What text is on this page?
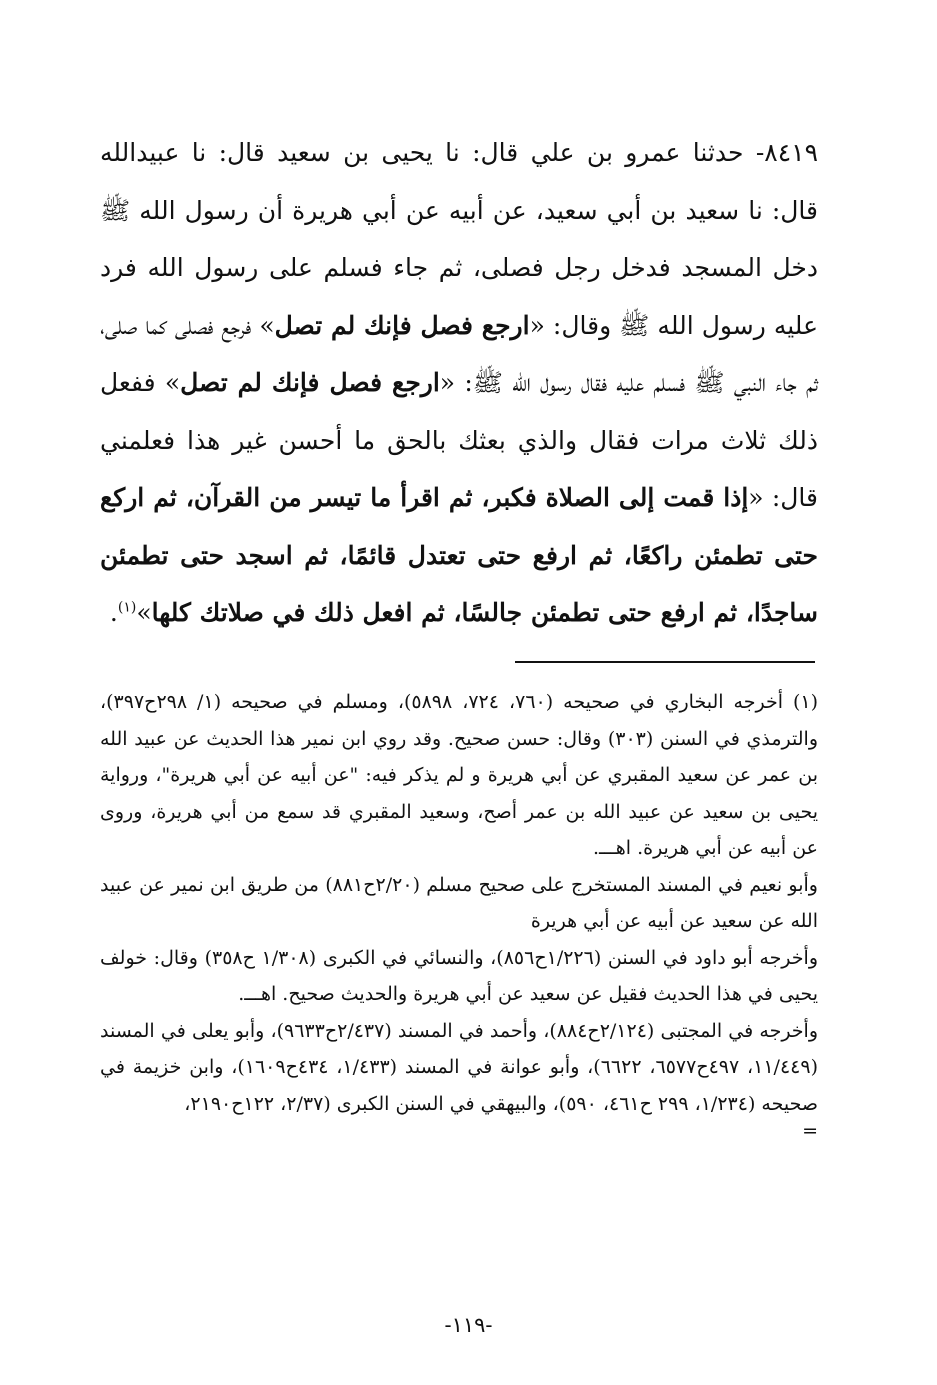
٨٤١٩- حدثنا عمرو بن علي قال: نا يحيى بن سعيد قال: نا عبيدالله قال: نا سعيد بن أبي سعيد، عن أبيه عن أبي هريرة أن رسول الله ﷺ دخل المسجد فدخل رجل فصلى، ثم جاء فسلم على رسول الله فرد عليه رسول الله ﷺ وقال: «ارجع فصل فإنك لم تصل» فرجع فصلى كما صلى، ثم جاء النبي ﷺ فسلم عليه فقال رسول الله ﷺ: «ارجع فصل فإنك لم تصل» ففعل ذلك ثلاث مرات فقال والذي بعثك بالحق ما أحسن غير هذا فعلمني قال: «إذا قمت إلى الصلاة فكبر، ثم اقرأ ما تيسر من القرآن، ثم اركع حتى تطمئن راكعًا، ثم ارفع حتى تعتدل قائمًا، ثم اسجد حتى تطمئن ساجدًا، ثم ارفع حتى تطمئن جالسًا، ثم افعل ذلك في صلاتك كلها»$^{(١)}$.

(١) أخرجه البخاري في صحيحه (٧٦٠، ٧٢٤، ٥٨٩٨)، ومسلم في صحيحه (١/ ٢٩٨ح٣٩٧)، والترمذي في السنن (٣٠٣) وقال: حسن صحيح. وقد روي ابن نمير هذا الحديث عن عبيد الله بن عمر عن سعيد المقبري عن أبي هريرة و لم يذكر فيه: "عن أبيه عن أبي هريرة"، ورواية يحيى بن سعيد عن عبيد الله بن عمر أصح، وسعيد المقبري قد سمع من أبي هريرة، وروى عن أبيه عن أبي هريرة. اهـــ.

وأبو نعيم في المسند المستخرج على صحيح مسلم (٢/٢٠ح٨٨١) من طريق ابن نمير عن عبيد الله عن سعيد عن أبيه عن أبي هريرة

وأخرجه أبو داود في السنن (١/٢٢٦ح٨٥٦)، والنسائي في الكبرى (١/٣٠٨ ح٣٥٨) وقال: خولف يحيى في هذا الحديث فقيل عن سعيد عن أبي هريرة والحديث صحيح. اهـــ.

وأخرجه في المجتبى (٢/١٢٤ح٨٨٤)، وأحمد في المسند (٢/٤٣٧ح٩٦٣٣)، وأبو يعلى في المسند (١١/٤٤٩، ٤٩٧ح٦٥٧٧، ٦٦٢٢)، وأبو عوانة في المسند (١/٤٣٣، ٤٣٤ح١٦٠٩)، وابن خزيمة في صحيحه (١/٢٣٤، ٢٩٩ ح٤٦١، ٥٩٠)، والبيهقي في السنن الكبرى (٢/٣٧، ١٢٢ح٢١٩٠،

=

-١١٩-
